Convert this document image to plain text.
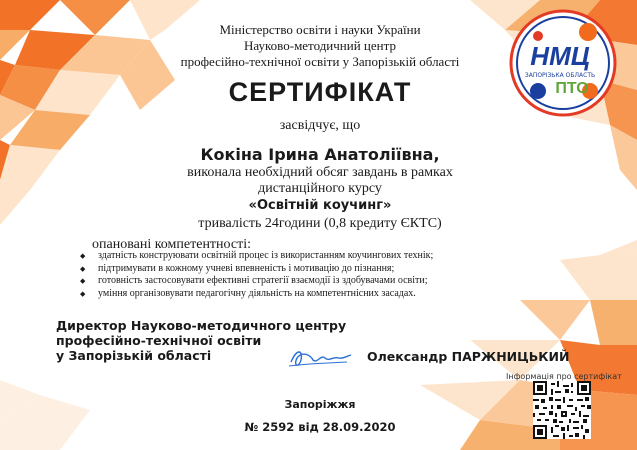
НМЦ
ПТО
ЗАПОРІЗЬКА ОБЛАСТЬ
Міністерство освіти і науки України
Науково-методичний центр
професійно-технічної освіти у Запорізькій області
СЕРТИФІКАТ
засвідчує, що
Кокіна Ірина Анатоліївна,
виконала необхідний обсяг завдань в рамках
дистанційного курсу
«Освітній коучинг»
тривалість 24години (0,8 кредиту ЄКТС)
опановані компетентності:
◆ здатність конструювати освітній процес із використанням коучингових технік;
◆ підтримувати в кожному учневі впевненість і мотивацію до пізнання;
◆ готовність застосовувати ефективні стратегії взаємодії із здобувачами освіти;
◆ уміння організовувати педагогічну діяльність на компетентнісних засадах.
Директор Науково-методичного центру
професійно-технічної освіти
у Запорізькій області	Олександр ПАРЖНИЦЬКИЙ
Запоріжжя
№ 2592 від 28.09.2020
Інформація про сертифікат
